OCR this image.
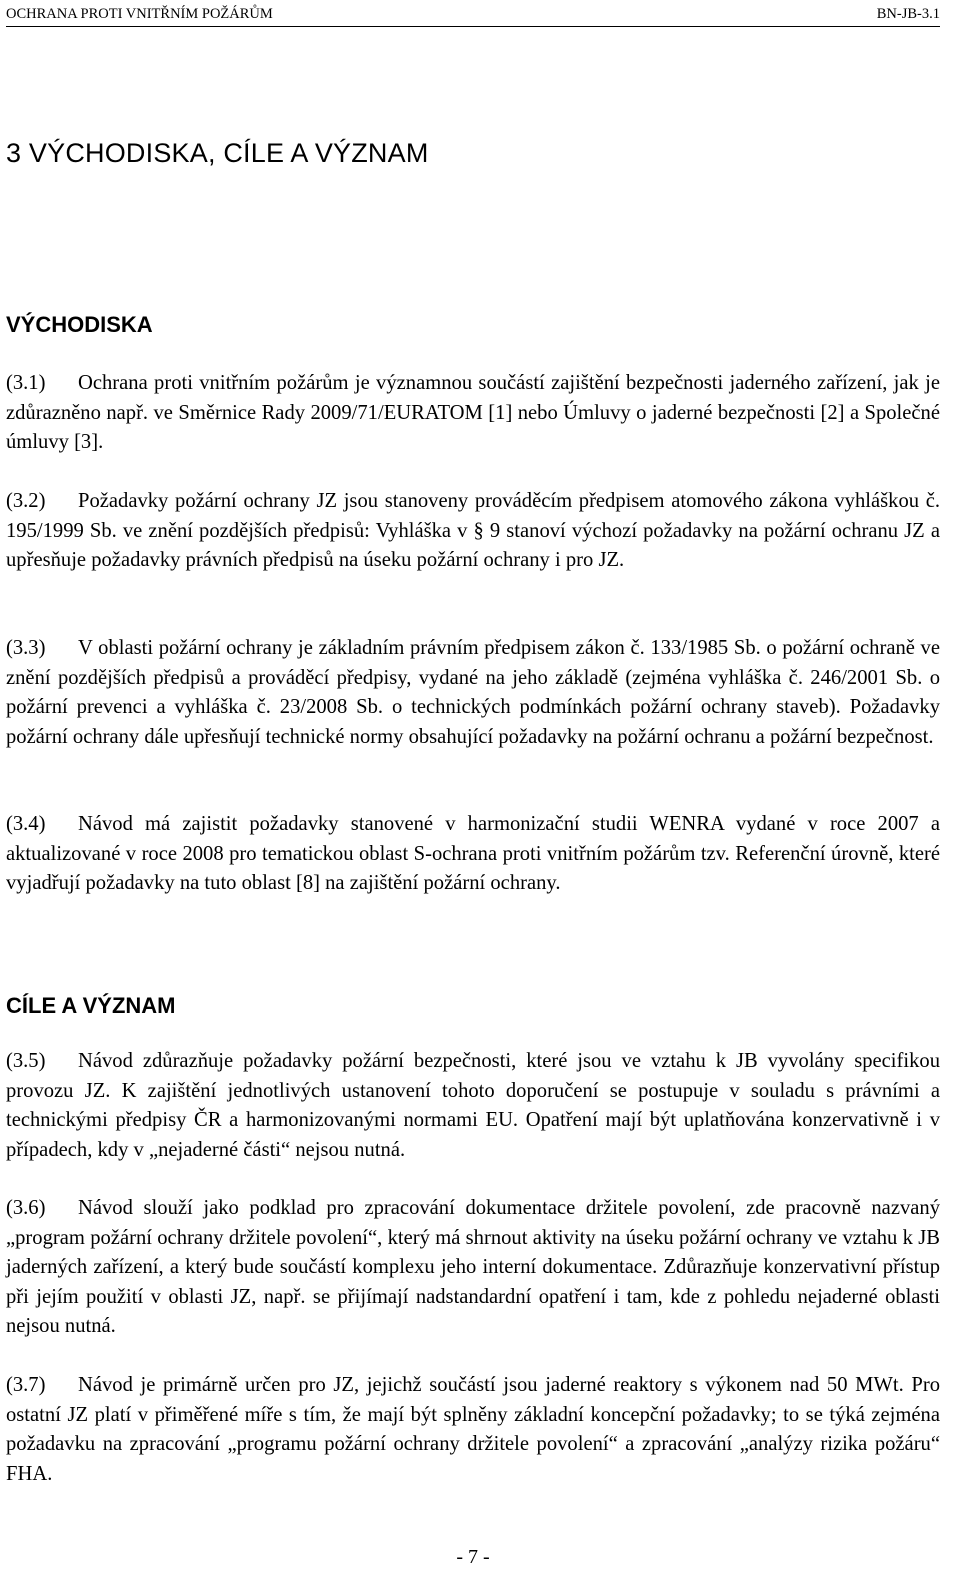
OCHRANA PROTI VNITŘNÍM POŽÁRŮM	BN-JB-3.1
3 VÝCHODISKA, CÍLE A VÝZNAM
VÝCHODISKA

(3.1) Ochrana proti vnitřním požárům je významnou součástí zajištění bezpečnosti jaderného zařízení, jak je zdůrazněno např. ve Směrnice Rady 2009/71/EURATOM [1] nebo Úmluvy o jaderné bezpečnosti [2] a Společné úmluvy [3].

(3.2) Požadavky požární ochrany JZ jsou stanoveny prováděcím předpisem atomového zákona vyhláškou č. 195/1999 Sb. ve znění pozdějších předpisů: Vyhláška v § 9 stanoví výchozí požadavky na požární ochranu JZ a upřesňuje požadavky právních předpisů na úseku požární ochrany i pro JZ.

(3.3) V oblasti požární ochrany je základním právním předpisem zákon č. 133/1985 Sb. o požární ochraně ve znění pozdějších předpisů a prováděcí předpisy, vydané na jeho základě (zejména vyhláška č. 246/2001 Sb. o požární prevenci a vyhláška č. 23/2008 Sb. o technických podmínkách požární ochrany staveb). Požadavky požární ochrany dále upřesňují technické normy obsahující požadavky na požární ochranu a požární bezpečnost.

(3.4) Návod má zajistit požadavky stanovené v harmonizační studii WENRA vydané v roce 2007 a aktualizované v roce 2008 pro tematickou oblast S-ochrana proti vnitřním požárům tzv. Referenční úrovně, které vyjadřují požadavky na tuto oblast [8] na zajištění požární ochrany.

CÍLE A VÝZNAM

(3.5) Návod zdůrazňuje požadavky požární bezpečnosti, které jsou ve vztahu k JB vyvolány specifikou provozu JZ. K zajištění jednotlivých ustanovení tohoto doporučení se postupuje v souladu s právními a technickými předpisy ČR a harmonizovanými normami EU. Opatření mají být uplatňována konzervativně i v případech, kdy v „nejaderné části“ nejsou nutná.

(3.6) Návod slouží jako podklad pro zpracování dokumentace držitele povolení, zde pracovně nazvaný „program požární ochrany držitele povolení“, který má shrnout aktivity na úseku požární ochrany ve vztahu k JB jaderných zařízení, a který bude součástí komplexu jeho interní dokumentace. Zdůrazňuje konzervativní přístup při jejím použití v oblasti JZ, např. se přijímají nadstandardní opatření i tam, kde z pohledu nejaderné oblasti nejsou nutná.

(3.7) Návod je primárně určen pro JZ, jejichž součástí jsou jaderné reaktory s výkonem nad 50 MWt. Pro ostatní JZ platí v přiměřené míře s tím, že mají být splněny základní koncepční požadavky; to se týká zejména požadavku na zpracování „programu požární ochrany držitele povolení“ a zpracování „analýzy rizika požáru“ FHA.

- 7 -
